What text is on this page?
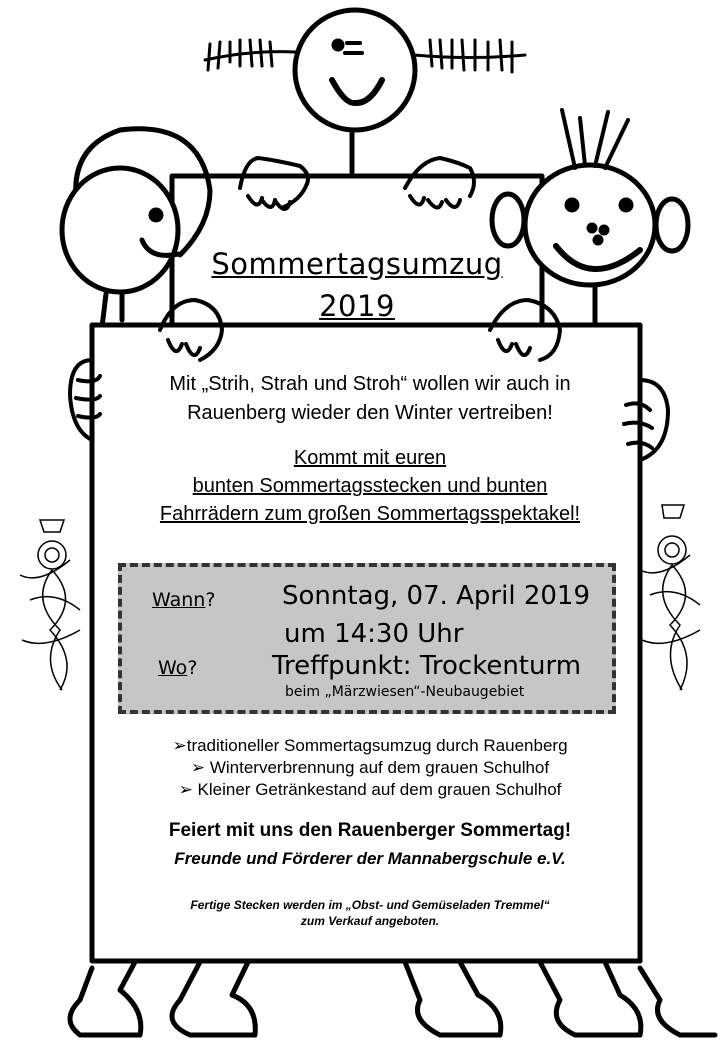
Sommertagsumzug
2019
Mit „Strih, Strah und Stroh“ wollen wir auch in
Rauenberg wieder den Winter vertreiben!
Kommt mit euren
bunten Sommertagsstecken und bunten
Fahrrädern zum großen Sommertagsspektakel!
Wann?	Sonntag, 07. April 2019
um 14:30 Uhr
Wo?	Treffpunkt: Trockenturm
beim „Märzwiesen“-Neubaugebiet
➢traditioneller Sommertagsumzug durch Rauenberg
➢ Winterverbrennung auf dem grauen Schulhof
➢ Kleiner Getränkestand auf dem grauen Schulhof
Feiert mit uns den Rauenberger Sommertag!
Freunde und Förderer der Mannabergschule e.V.
Fertige Stecken werden im „Obst- und Gemüseladen Tremmel“
zum Verkauf angeboten.
